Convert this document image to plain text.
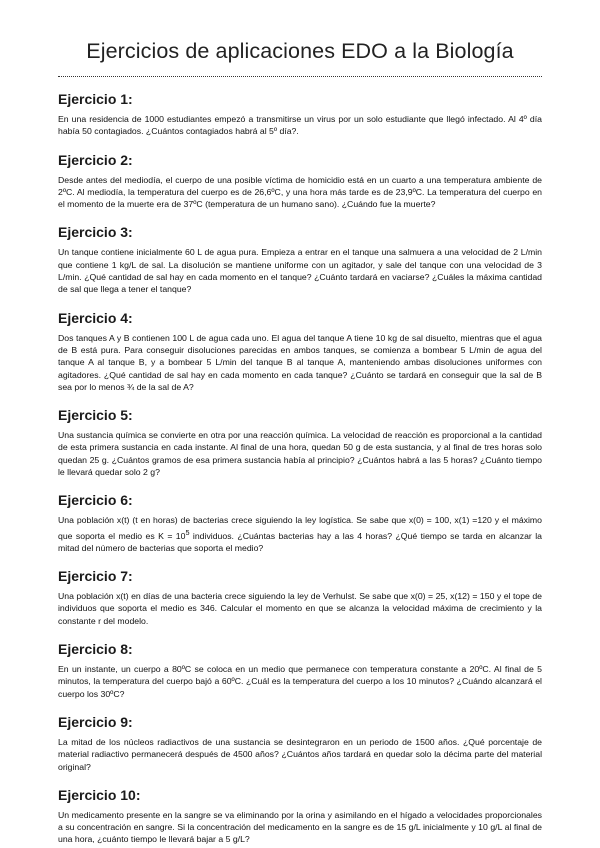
Ejercicios de aplicaciones EDO a la Biología
Ejercicio 1:

En una residencia de 1000 estudiantes empezó a transmitirse un virus por un solo estudiante que llegó infectado. Al 4º día había 50 contagiados. ¿Cuántos contagiados habrá al 5º día?.

Ejercicio 2:

Desde antes del mediodía, el cuerpo de una posible víctima de homicidio está en un cuarto a una temperatura ambiente de 2ºC. Al mediodía, la temperatura del cuerpo es de 26,6ºC, y una hora más tarde es de 23,9ºC. La temperatura del cuerpo en el momento de la muerte era de 37ºC (temperatura de un humano sano). ¿Cuándo fue la muerte?

Ejercicio 3:

Un tanque contiene inicialmente 60 L de agua pura. Empieza a entrar en el tanque una salmuera a una velocidad de 2 L/min que contiene 1 kg/L de sal. La disolución se mantiene uniforme con un agitador, y sale del tanque con una velocidad de 3 L/min. ¿Qué cantidad de sal hay en cada momento en el tanque? ¿Cuánto tardará en vaciarse? ¿Cuáles la máxima cantidad de sal que llega a tener el tanque?

Ejercicio 4:

Dos tanques A y B contienen 100 L de agua cada uno. El agua del tanque A tiene 10 kg de sal disuelto, mientras que el agua de B está pura. Para conseguir disoluciones parecidas en ambos tanques, se comienza a bombear 5 L/min de agua del tanque A al tanque B, y a bombear 5 L/min del tanque B al tanque A, manteniendo ambas disoluciones uniformes con agitadores. ¿Qué cantidad de sal hay en cada momento en cada tanque? ¿Cuánto se tardará en conseguir que la sal de B sea por lo menos ¾ de la sal de A?

Ejercicio 5:

Una sustancia química se convierte en otra por una reacción química. La velocidad de reacción es proporcional a la cantidad de esta primera sustancia en cada instante. Al final de una hora, quedan 50 g de esta sustancia, y al final de tres horas solo quedan 25 g. ¿Cuántos gramos de esa primera sustancia había al principio? ¿Cuántos habrá a las 5 horas? ¿Cuánto tiempo le llevará quedar solo 2 g?

Ejercicio 6:

Una población x(t) (t en horas) de bacterias crece siguiendo la ley logística. Se sabe que x(0) = 100, x(1) =120 y el máximo que soporta el medio es $K = 10^5$ individuos. ¿Cuántas bacterias hay a las 4 horas? ¿Qué tiempo se tarda en alcanzar la mitad del número de bacterias que soporta el medio?

Ejercicio 7:

Una población x(t) en días de una bacteria crece siguiendo la ley de Verhulst. Se sabe que x(0) = 25, x(12) = 150 y el tope de individuos que soporta el medio es 346. Calcular el momento en que se alcanza la velocidad máxima de crecimiento y la constante r del modelo.

Ejercicio 8:

En un instante, un cuerpo a 80ºC se coloca en un medio que permanece con temperatura constante a 20ºC. Al final de 5 minutos, la temperatura del cuerpo bajó a 60ºC. ¿Cuál es la temperatura del cuerpo a los 10 minutos? ¿Cuándo alcanzará el cuerpo los 30ºC?

Ejercicio 9:

La mitad de los núcleos radiactivos de una sustancia se desintegraron en un periodo de 1500 años. ¿Qué porcentaje de material radiactivo permanecerá después de 4500 años? ¿Cuántos años tardará en quedar solo la décima parte del material original?

Ejercicio 10:

Un medicamento presente en la sangre se va eliminando por la orina y asimilando en el hígado a velocidades proporcionales a su concentración en sangre. Si la concentración del medicamento en la sangre es de 15 g/L inicialmente y 10 g/L al final de una hora, ¿cuánto tiempo le llevará bajar a 5 g/L?
